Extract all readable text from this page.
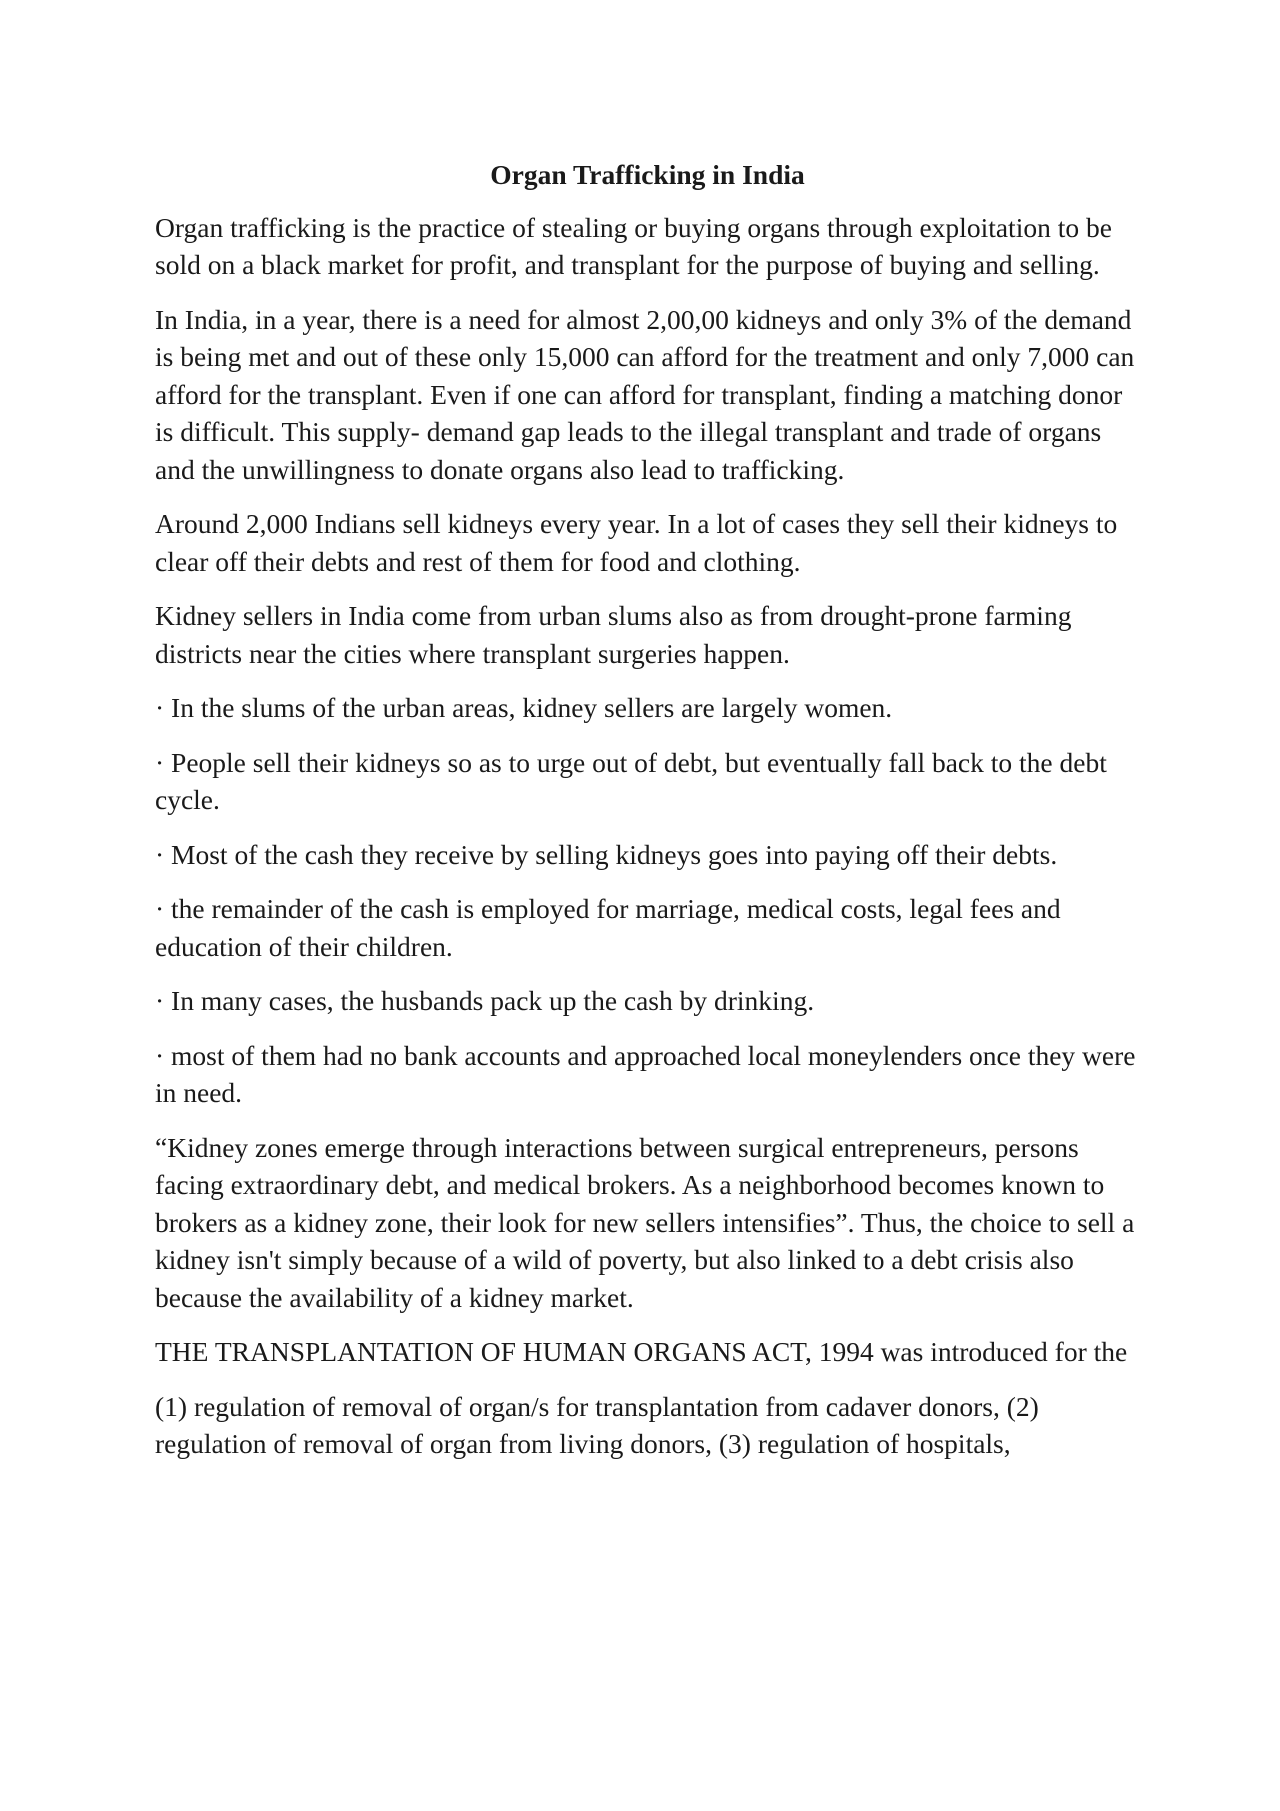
Organ Trafficking in India
Organ trafficking is the practice of stealing or buying organs through exploitation to be sold on a black market for profit, and transplant for the purpose of buying and selling.
In India, in a year, there is a need for almost 2,00,00 kidneys and only 3% of the demand is being met and out of these only 15,000 can afford for the treatment and only 7,000 can afford for the transplant. Even if one can afford for transplant, finding a matching donor is difficult. This supply- demand gap leads to the illegal transplant and trade of organs and the unwillingness to donate organs also lead to trafficking.
Around 2,000 Indians sell kidneys every year. In a lot of cases they sell their kidneys to clear off their debts and rest of them for food and clothing.
Kidney sellers in India come from urban slums also as from drought-prone farming districts near the cities where transplant surgeries happen.
· In the slums of the urban areas, kidney sellers are largely women.
· People sell their kidneys so as to urge out of debt, but eventually fall back to the debt cycle.
· Most of the cash they receive by selling kidneys goes into paying off their debts.
· the remainder of the cash is employed for marriage, medical costs, legal fees and education of their children.
· In many cases, the husbands pack up the cash by drinking.
· most of them had no bank accounts and approached local moneylenders once they were in need.
“Kidney zones emerge through interactions between surgical entrepreneurs, persons facing extraordinary debt, and medical brokers. As a neighborhood becomes known to brokers as a kidney zone, their look for new sellers intensifies”. Thus, the choice to sell a kidney isn't simply because of a wild of poverty, but also linked to a debt crisis also because the availability of a kidney market.
THE TRANSPLANTATION OF HUMAN ORGANS ACT, 1994 was introduced for the
(1) regulation of removal of organ/s for transplantation from cadaver donors, (2) regulation of removal of organ from living donors, (3) regulation of hospitals,
